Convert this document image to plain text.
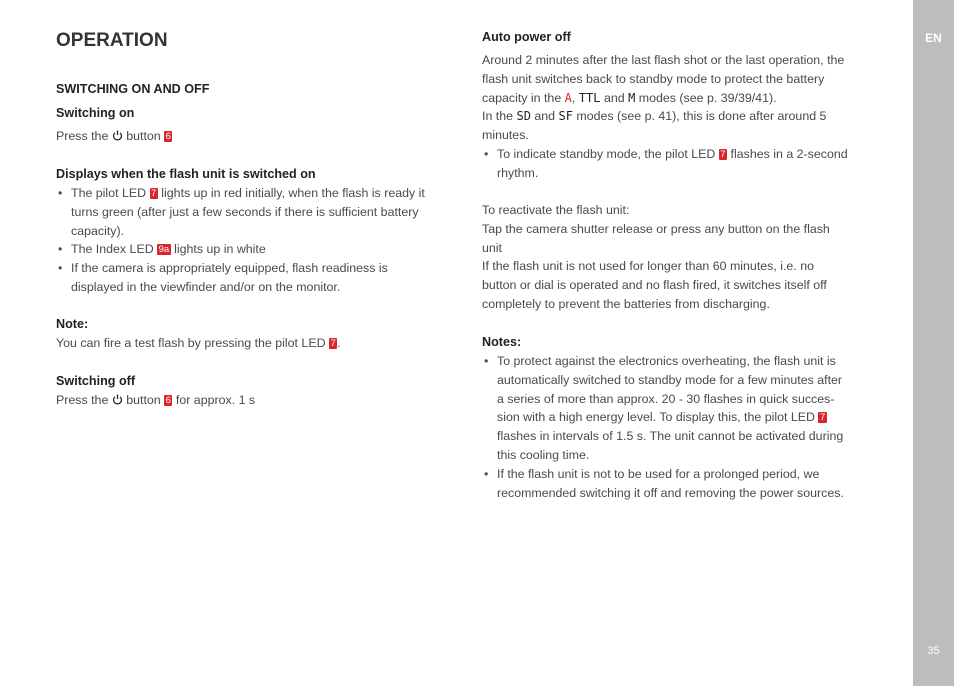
EN
35
OPERATION
SWITCHING ON AND OFF
Switching on
Press the button 6
Displays when the flash unit is switched on
• The pilot LED 7 lights up in red initially, when the flash is ready it
turns green (after just a few seconds if there is sufficient battery
capacity).
• The Index LED 9a lights up in white
• If the camera is appropriately equipped, flash readiness is
displayed in the viewfinder and/or on the monitor.
Note:
You can fire a test flash by pressing the pilot LED 7 .
Switching off
Press the button 6 for approx. 1 s
Auto power off
Around 2 minutes after the last flash shot or the last operation, the
flash unit switches back to standby mode to protect the battery
capacity in the A, TTL and M modes (see p. 39/39/41).
In the SD and SF modes (see p. 41), this is done after around 5
minutes.
• To indicate standby mode, the pilot LED 7 flashes in a 2-second
rhythm.
To reactivate the flash unit:
Tap the camera shutter release or press any button on the flash
unit
If the flash unit is not used for longer than 60 minutes, i.e. no
button or dial is operated and no flash fired, it switches itself off
completely to prevent the batteries from discharging.
Notes:
• To protect against the electronics overheating, the flash unit is
automatically switched to standby mode for a few minutes after
a series of more than approx. 20 - 30 flashes in quick succes-
sion with a high energy level. To display this, the pilot LED 7
flashes in intervals of 1.5 s. The unit cannot be activated during
this cooling time.
• If the flash unit is not to be used for a prolonged period, we
recommended switching it off and removing the power sources.
